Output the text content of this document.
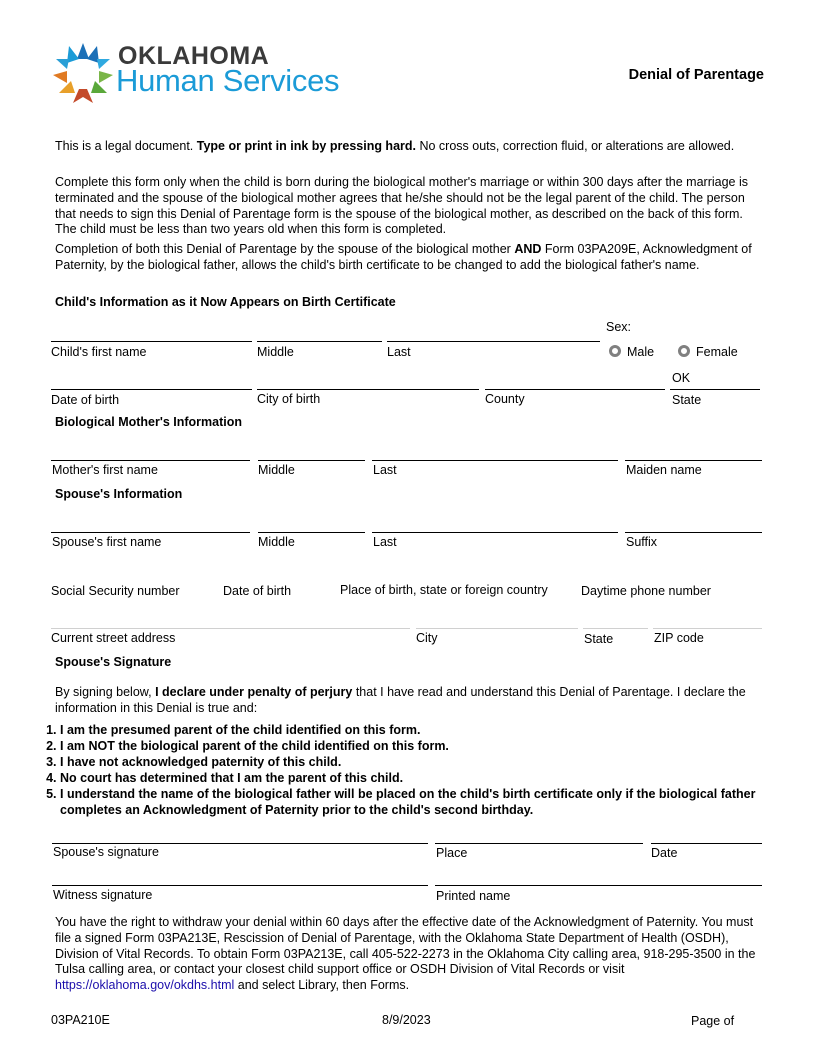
OKLAHOMA
Human Services	Denial of Parentage
This is a legal document. Type or print in ink by pressing hard. No cross outs, correction fluid, or alterations are allowed.
Complete this form only when the child is born during the biological mother's marriage or within 300 days after the marriage is terminated and the spouse of the biological mother agrees that he/she should not be the legal parent of the child. The person that needs to sign this Denial of Parentage form is the spouse of the biological mother, as described on the back of this form. The child must be less than two years old when this form is completed.
Completion of both this Denial of Parentage by the spouse of the biological mother AND Form 03PA209E, Acknowledgment of Paternity, by the biological father, allows the child's birth certificate to be changed to add the biological father's name.
Child's Information as it Now Appears on Birth Certificate
Child's first name	Middle	Last
Sex:
Male	Female
OK
Date of birth	City of birth	County	State
Biological Mother's Information
Mother's first name	Middle	Last	Maiden name
Spouse's Information
Spouse's first name	Middle	Last	Suffix
Social Security number	Date of birth	Place of birth, state or foreign country	Daytime phone number
Current street address	City	State	ZIP code
Spouse's Signature
By signing below, I declare under penalty of perjury that I have read and understand this Denial of Parentage. I declare the information in this Denial is true and:
1. I am the presumed parent of the child identified on this form.
2. I am NOT the biological parent of the child identified on this form.
3. I have not acknowledged paternity of this child.
4. No court has determined that I am the parent of this child.
5. I understand the name of the biological father will be placed on the child's birth certificate only if the biological father completes an Acknowledgment of Paternity prior to the child's second birthday.
Spouse's signature	Place	Date
Witness signature	Printed name
You have the right to withdraw your denial within 60 days after the effective date of the Acknowledgment of Paternity. You must file a signed Form 03PA213E, Rescission of Denial of Parentage, with the Oklahoma State Department of Health (OSDH), Division of Vital Records. To obtain Form 03PA213E, call 405-522-2273 in the Oklahoma City calling area, 918-295-3500 in the Tulsa calling area, or contact your closest child support office or OSDH Division of Vital Records or visit https://oklahoma.gov/okdhs.html and select Library, then Forms.
03PA210E	8/9/2023	Page of
